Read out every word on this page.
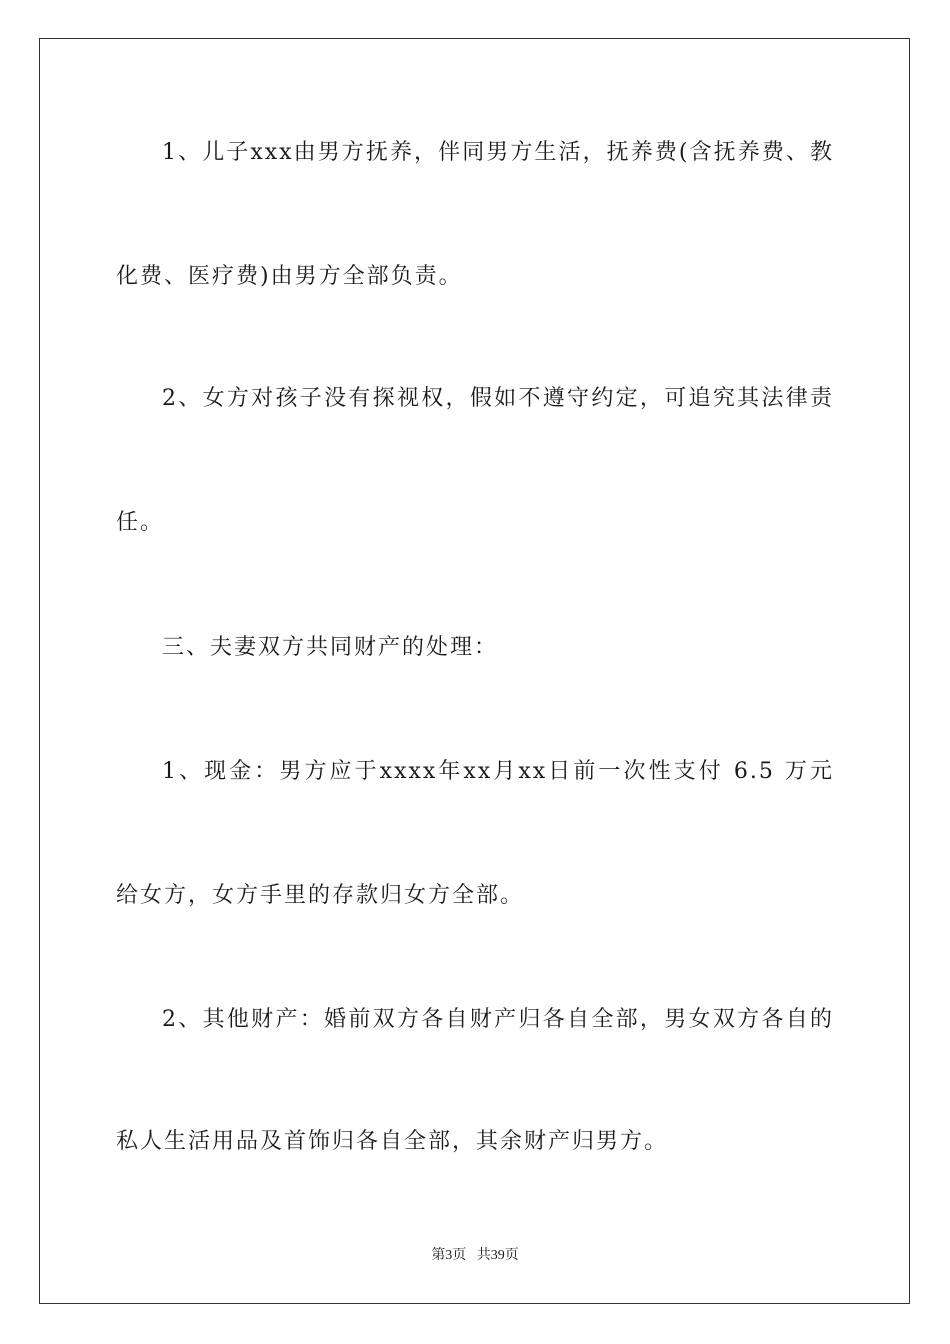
1、儿子xxx由男方抚养，伴同男方生活，抚养费(含抚养费、教
化费、医疗费)由男方全部负责。
2、女方对孩子没有探视权，假如不遵守约定，可追究其法律责
任。
三、夫妻双方共同财产的处理：
1、现金：男方应于xxxx年xx月xx日前一次性支付 6.5 万元
给女方，女方手里的存款归女方全部。
2、其他财产：婚前双方各自财产归各自全部，男女双方各自的
私人生活用品及首饰归各自全部，其余财产归男方。
第3页 共39页
